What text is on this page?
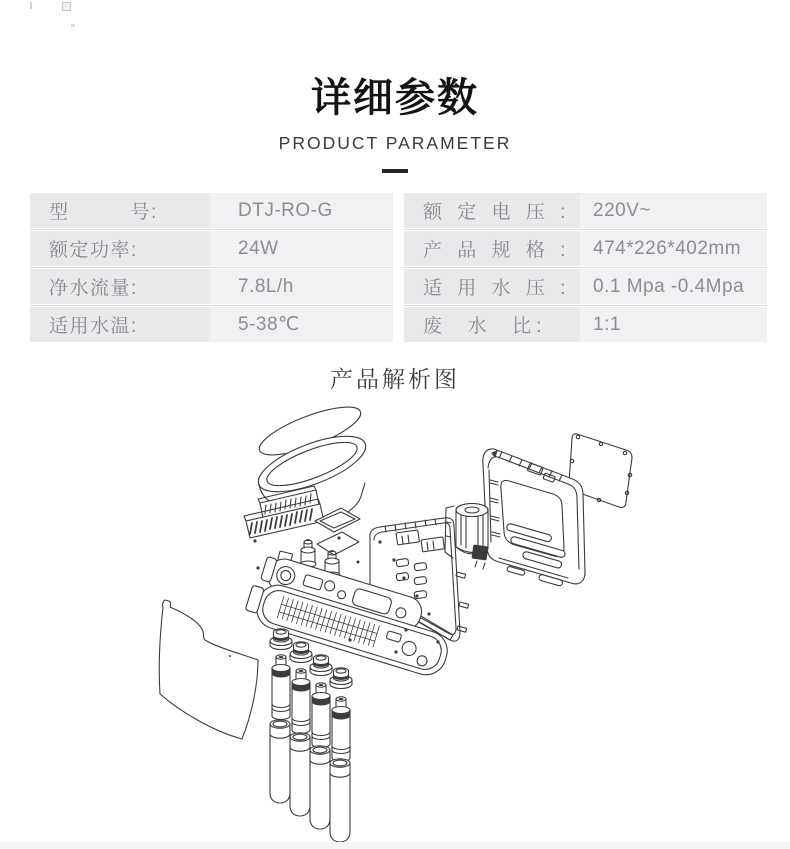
详细参数
PRODUCT PARAMETER
型         号:	DTJ-RO-G
额定功率:	24W
净水流量:	7.8L/h
适用水温:	5-38℃
额 定 电 压 :	220V~
产 品 规 格 :	474*226*402mm
适 用 水 压 :	0.1 Mpa -0.4Mpa
废  水  比:	1:1
产品解析图
